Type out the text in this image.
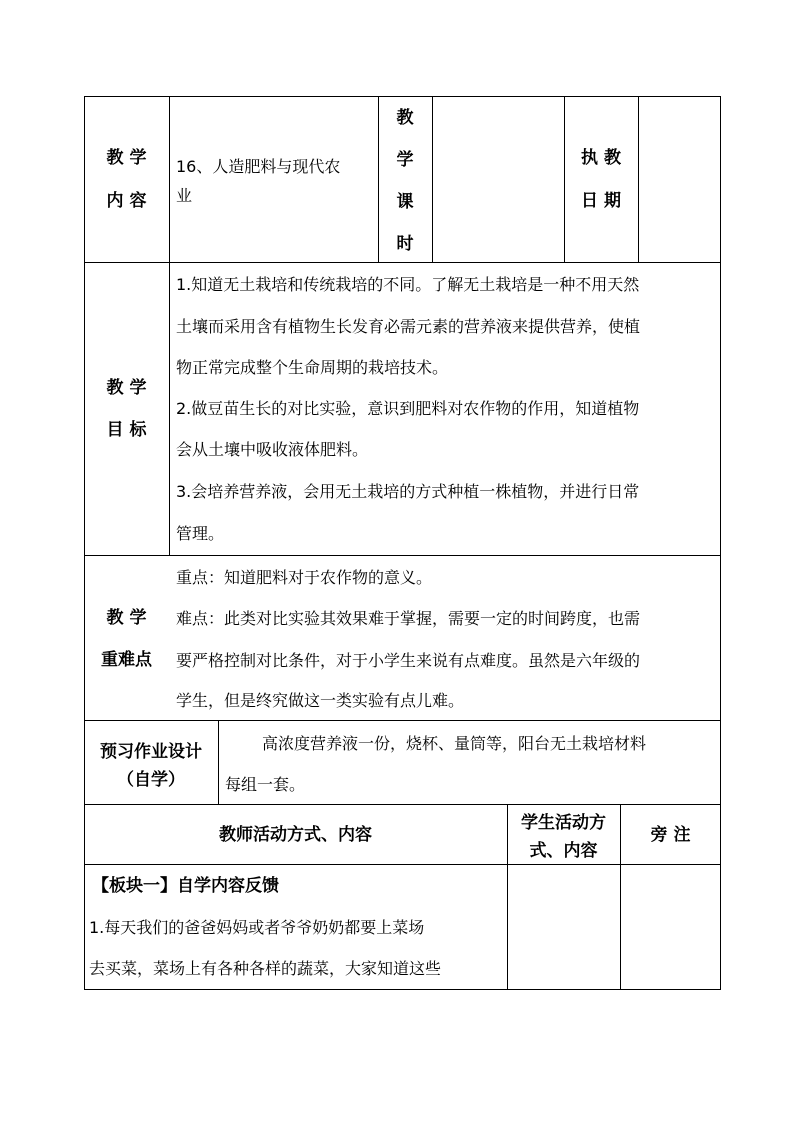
教 学
内 容
16、人造肥料与现代农
业
教
学
课
时
执 教
日 期
教 学
目 标
1.知道无土栽培和传统栽培的不同。了解无土栽培是一种不用天然
土壤而采用含有植物生长发育必需元素的营养液来提供营养，使植
物正常完成整个生命周期的栽培技术。
2.做豆苗生长的对比实验，意识到肥料对农作物的作用，知道植物
会从土壤中吸收液体肥料。
3.会培养营养液，会用无土栽培的方式种植一株植物，并进行日常
管理。
教 学
重难点
重点：知道肥料对于农作物的意义。
难点：此类对比实验其效果难于掌握，需要一定的时间跨度，也需
要严格控制对比条件，对于小学生来说有点难度。虽然是六年级的
学生，但是终究做这一类实验有点儿难。
预习作业设计
（自学）
高浓度营养液一份，烧杯、量筒等，阳台无土栽培材料
每组一套。
教师活动方式、内容
学生活动方
式、内容
旁 注
【板块一】自学内容反馈
1.每天我们的爸爸妈妈或者爷爷奶奶都要上菜场
去买菜，菜场上有各种各样的蔬菜，大家知道这些
